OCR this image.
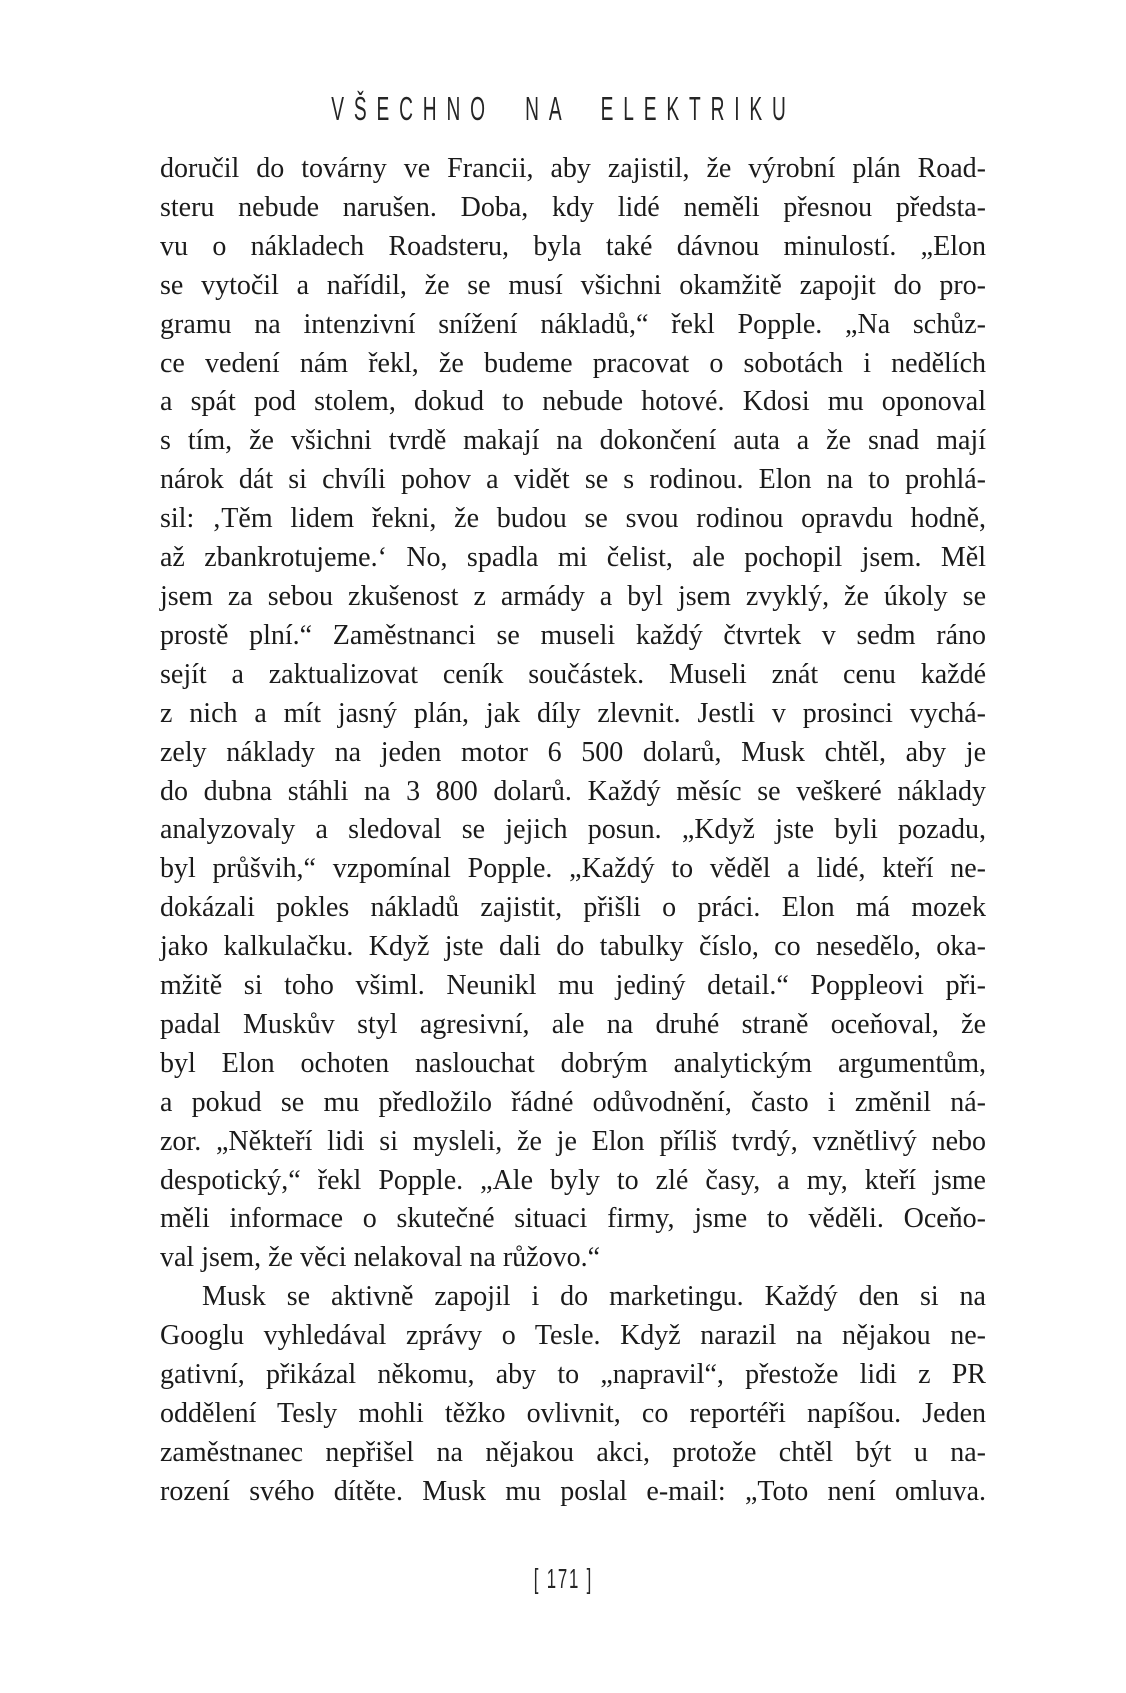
VŠECHNO NA ELEKTRIKU
doručil do továrny ve Francii, aby zajistil, že výrobní plán Road-
steru nebude narušen. Doba, kdy lidé neměli přesnou předsta-
vu o nákladech Roadsteru, byla také dávnou minulostí. „Elon
se vytočil a nařídil, že se musí všichni okamžitě zapojit do pro-
gramu na intenzivní snížení nákladů,“ řekl Popple. „Na schůz-
ce vedení nám řekl, že budeme pracovat o sobotách i nedělích
a spát pod stolem, dokud to nebude hotové. Kdosi mu oponoval
s tím, že všichni tvrdě makají na dokončení auta a že snad mají
nárok dát si chvíli pohov a vidět se s rodinou. Elon na to prohlá-
sil: ‚Těm lidem řekni, že budou se svou rodinou opravdu hodně,
až zbankrotujeme.‘ No, spadla mi čelist, ale pochopil jsem. Měl
jsem za sebou zkušenost z armády a byl jsem zvyklý, že úkoly se
prostě plní.“ Zaměstnanci se museli každý čtvrtek v sedm ráno
sejít a zaktualizovat ceník součástek. Museli znát cenu každé
z nich a mít jasný plán, jak díly zlevnit. Jestli v prosinci vychá-
zely náklady na jeden motor 6 500 dolarů, Musk chtěl, aby je
do dubna stáhli na 3 800 dolarů. Každý měsíc se veškeré náklady
analyzovaly a sledoval se jejich posun. „Když jste byli pozadu,
byl průšvih,“ vzpomínal Popple. „Každý to věděl a lidé, kteří ne-
dokázali pokles nákladů zajistit, přišli o práci. Elon má mozek
jako kalkulačku. Když jste dali do tabulky číslo, co nesedělo, oka-
mžitě si toho všiml. Neunikl mu jediný detail.“ Poppleovi při-
padal Muskův styl agresivní, ale na druhé straně oceňoval, že
byl Elon ochoten naslouchat dobrým analytickým argumentům,
a pokud se mu předložilo řádné odůvodnění, často i změnil ná-
zor. „Někteří lidi si mysleli, že je Elon příliš tvrdý, vznětlivý nebo
despotický,“ řekl Popple. „Ale byly to zlé časy, a my, kteří jsme
měli informace o skutečné situaci firmy, jsme to věděli. Oceňo-
val jsem, že věci nelakoval na růžovo.“
Musk se aktivně zapojil i do marketingu. Každý den si na
Googlu vyhledával zprávy o Tesle. Když narazil na nějakou ne-
gativní, přikázal někomu, aby to „napravil“, přestože lidi z PR
oddělení Tesly mohli těžko ovlivnit, co reportéři napíšou. Jeden
zaměstnanec nepřišel na nějakou akci, protože chtěl být u na-
rození svého dítěte. Musk mu poslal e-mail: „Toto není omluva.
[ 171 ]
